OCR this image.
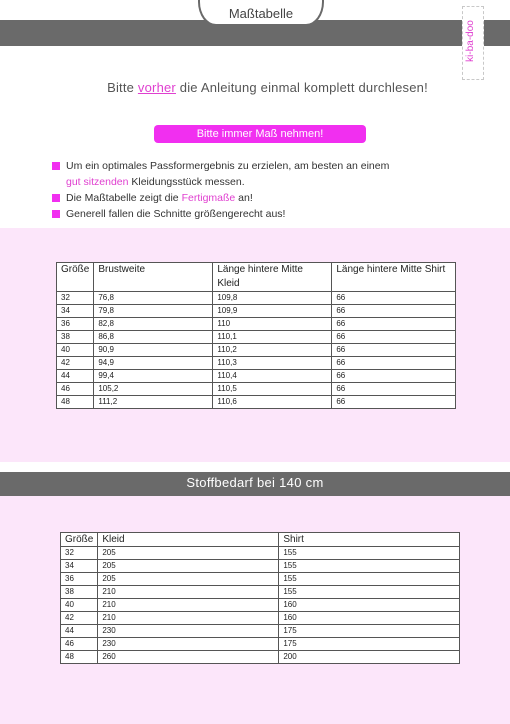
Maßtabelle
ki-ba-doo
Bitte vorher die Anleitung einmal komplett durchlesen!
Bitte immer Maß nehmen!
Um ein optimales Passformergebnis zu erzielen, am besten an einem
gut sitzenden Kleidungsstück messen.
Die Maßtabelle zeigt die Fertigmaße an!
Generell fallen die Schnitte größengerecht aus!
Größe	Brustweite	Länge hintere Mitte Kleid	Länge hintere Mitte Shirt
32	76,8	109,8	66
34	79,8	109,9	66
36	82,8	110	66
38	86,8	110,1	66
40	90,9	110,2	66
42	94,9	110,3	66
44	99,4	110,4	66
46	105,2	110,5	66
48	111,2	110,6	66
Stoffbedarf bei 140 cm
Größe	Kleid	Shirt
32	205	155
34	205	155
36	205	155
38	210	155
40	210	160
42	210	160
44	230	175
46	230	175
48	260	200
